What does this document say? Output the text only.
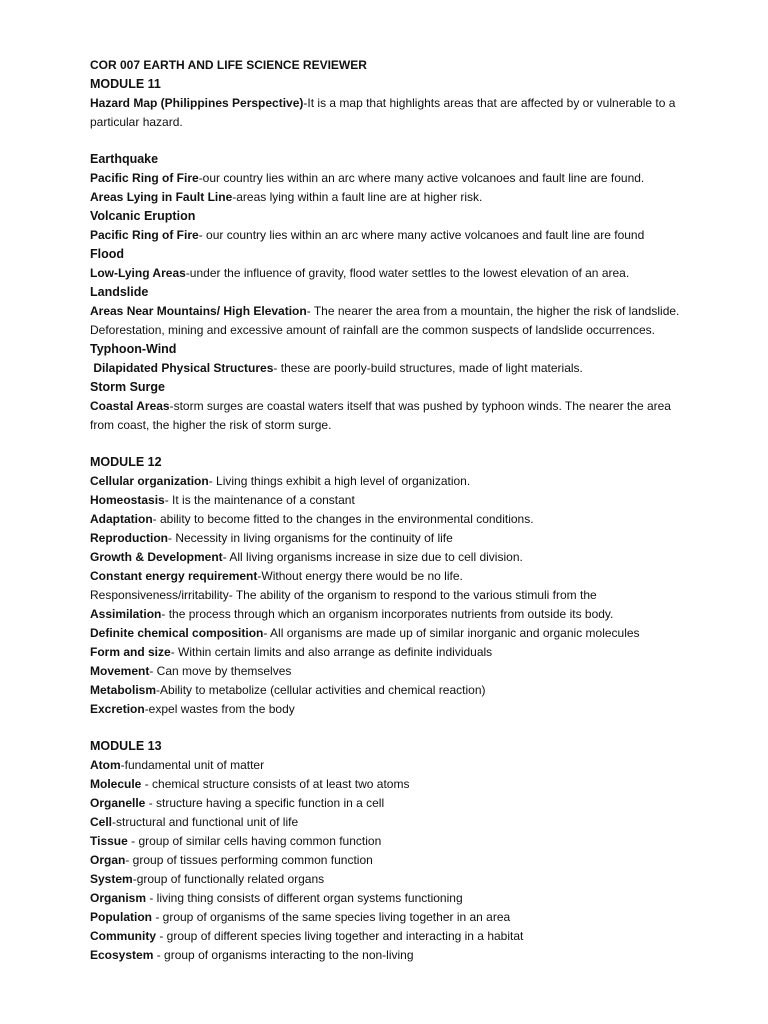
COR 007 EARTH AND LIFE SCIENCE REVIEWER
MODULE 11
Hazard Map (Philippines Perspective)-It is a map that highlights areas that are affected by or vulnerable to a particular hazard.
Earthquake
Pacific Ring of Fire-our country lies within an arc where many active volcanoes and fault line are found.
Areas Lying in Fault Line-areas lying within a fault line are at higher risk.
Volcanic Eruption
Pacific Ring of Fire- our country lies within an arc where many active volcanoes and fault line are found
Flood
Low-Lying Areas-under the influence of gravity, flood water settles to the lowest elevation of an area.
Landslide
Areas Near Mountains/ High Elevation- The nearer the area from a mountain, the higher the risk of landslide. Deforestation, mining and excessive amount of rainfall are the common suspects of landslide occurrences.
Typhoon-Wind
Dilapidated Physical Structures- these are poorly-build structures, made of light materials.
Storm Surge
Coastal Areas-storm surges are coastal waters itself that was pushed by typhoon winds. The nearer the area from coast, the higher the risk of storm surge.
MODULE 12
Cellular organization- Living things exhibit a high level of organization.
Homeostasis- It is the maintenance of a constant
Adaptation- ability to become fitted to the changes in the environmental conditions.
Reproduction- Necessity in living organisms for the continuity of life
Growth & Development- All living organisms increase in size due to cell division.
Constant energy requirement-Without energy there would be no life.
Responsiveness/irritability- The ability of the organism to respond to the various stimuli from the
Assimilation- the process through which an organism incorporates nutrients from outside its body.
Definite chemical composition- All organisms are made up of similar inorganic and organic molecules
Form and size- Within certain limits and also arrange as definite individuals
Movement- Can move by themselves
Metabolism-Ability to metabolize (cellular activities and chemical reaction)
Excretion-expel wastes from the body
MODULE 13
Atom-fundamental unit of matter
Molecule - chemical structure consists of at least two atoms
Organelle - structure having a specific function in a cell
Cell-structural and functional unit of life
Tissue - group of similar cells having common function
Organ- group of tissues performing common function
System-group of functionally related organs
Organism - living thing consists of different organ systems functioning
Population - group of organisms of the same species living together in an area
Community - group of different species living together and interacting in a habitat
Ecosystem - group of organisms interacting to the non-living
